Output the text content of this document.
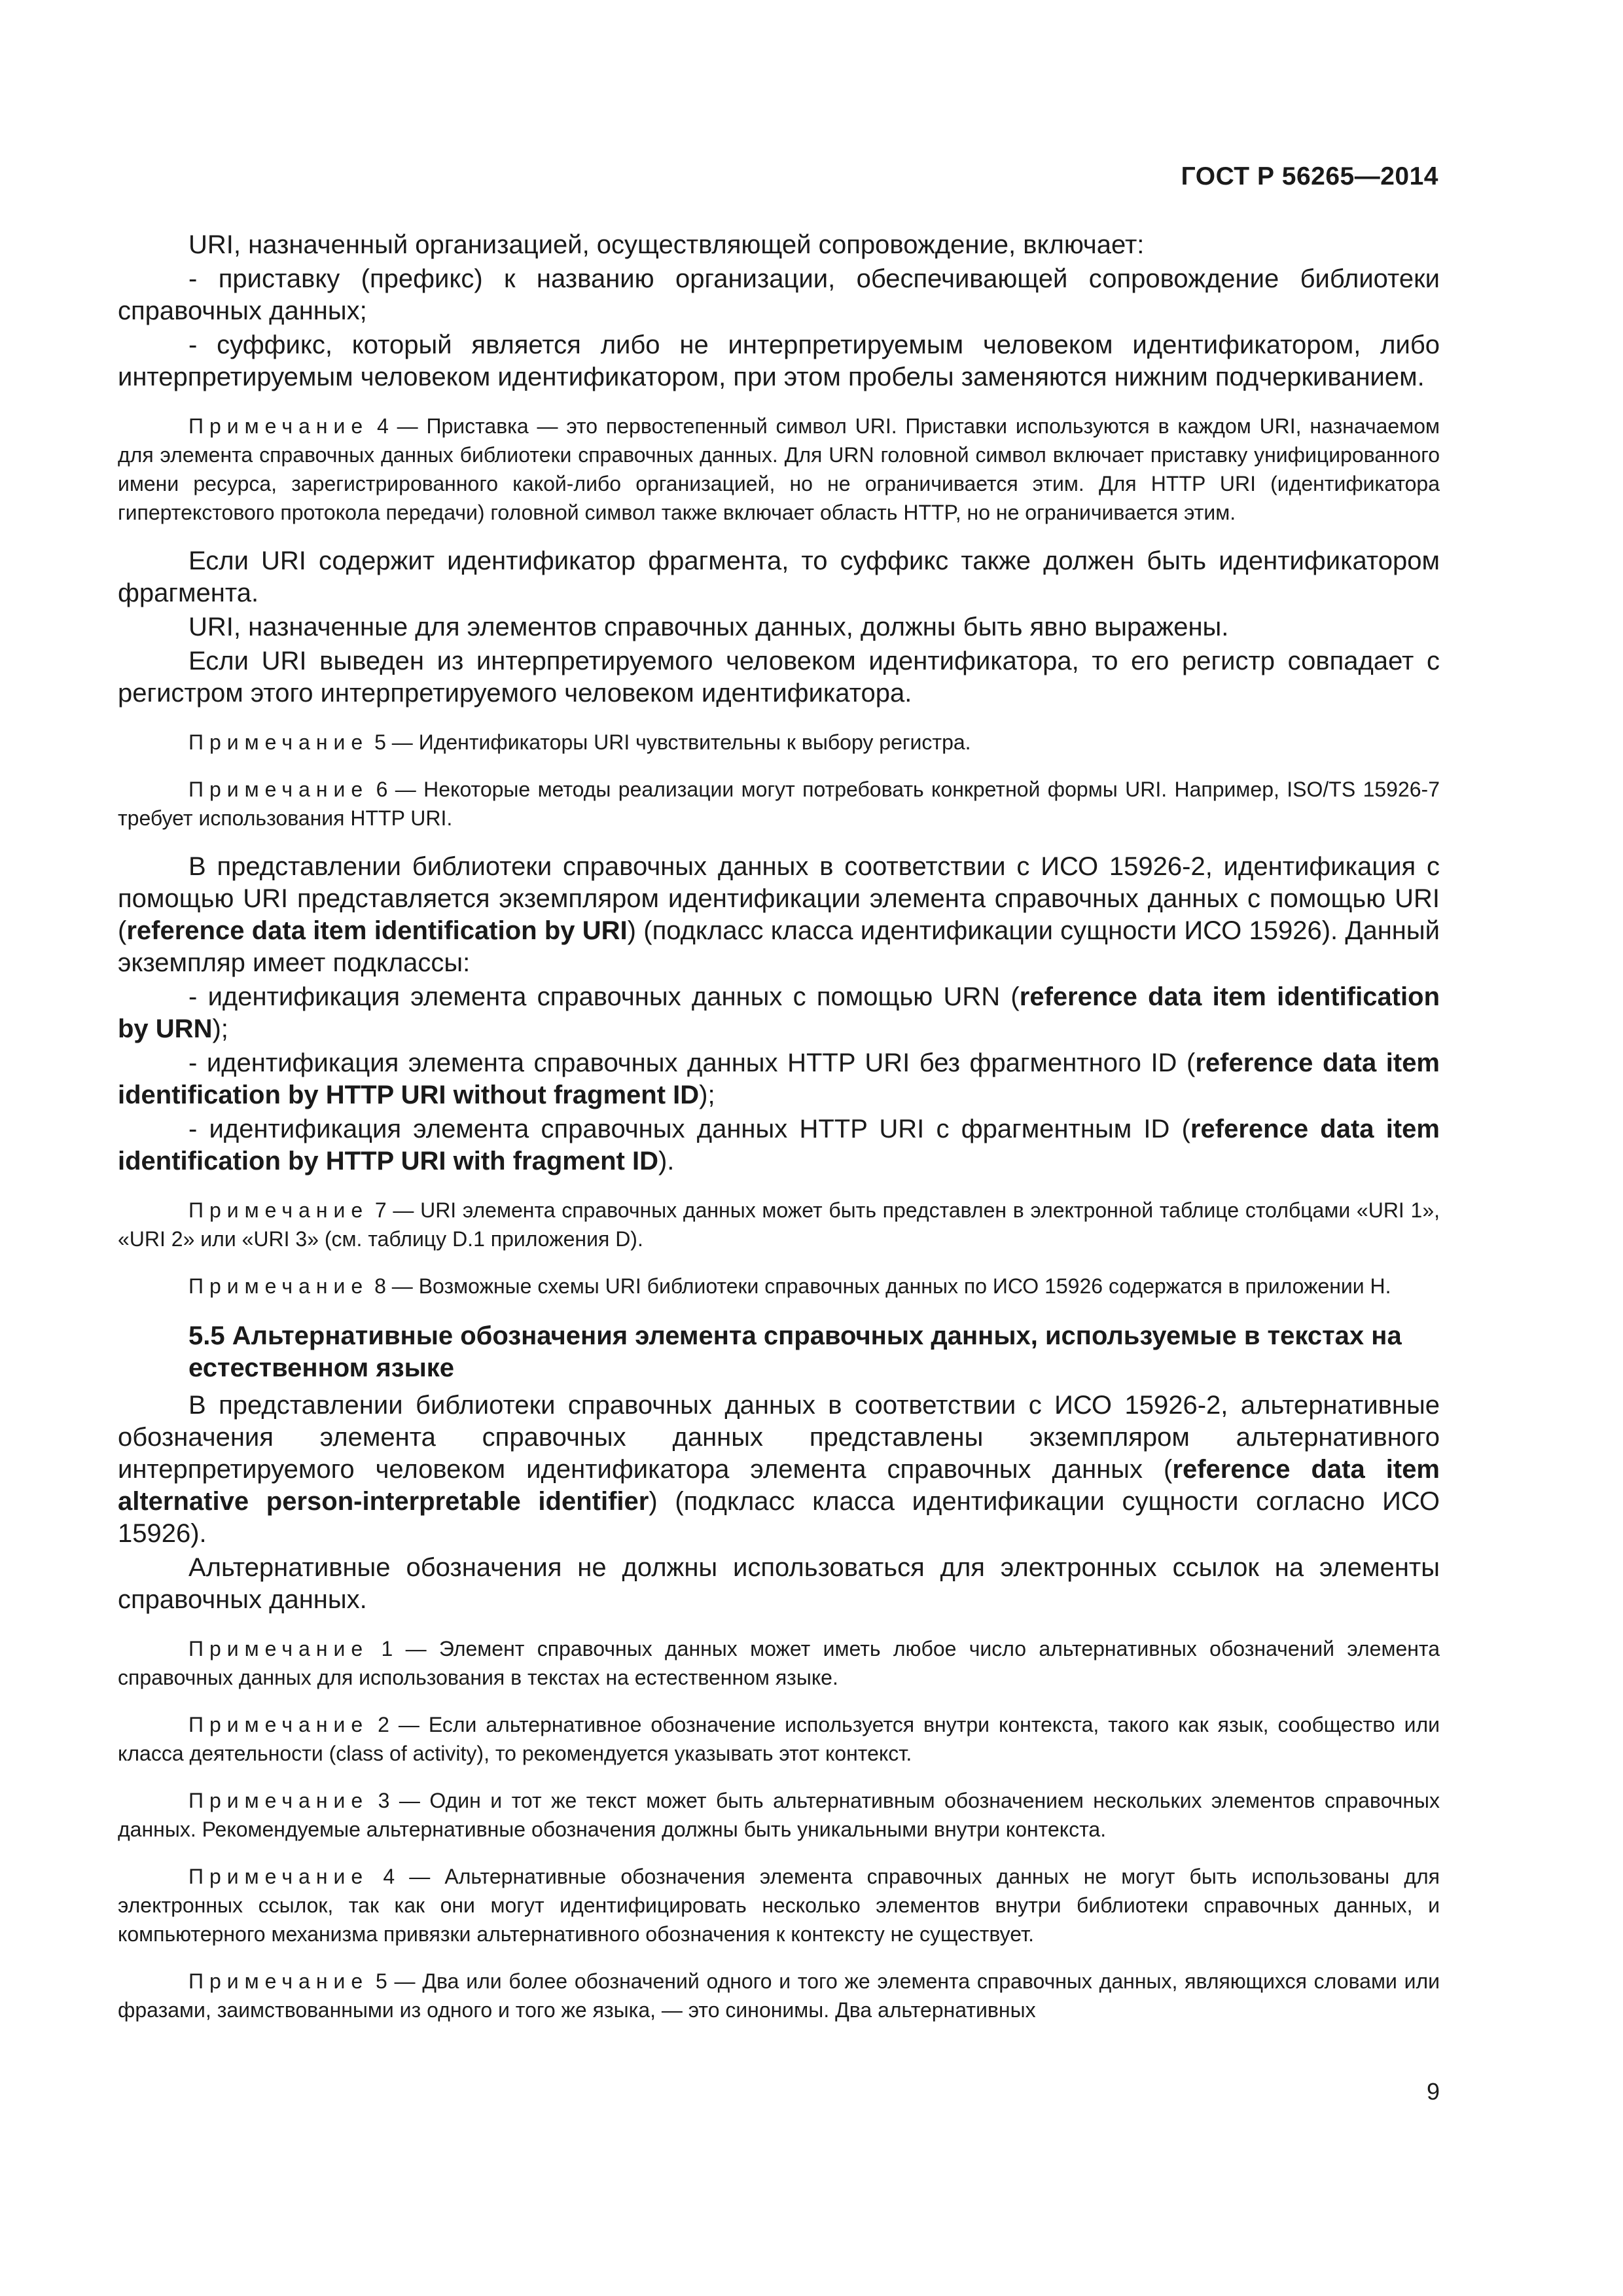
ГОСТ Р 56265—2014

URI, назначенный организацией, осуществляющей сопровождение, включает:

- приставку (префикс) к названию организации, обеспечивающей сопровождение библиотеки справочных данных;

- суффикс, который является либо не интерпретируемым человеком идентификатором, либо интерпретируемым человеком идентификатором, при этом пробелы заменяются нижним подчеркиванием.

Примечание 4 — Приставка — это первостепенный символ URI. Приставки используются в каждом URI, назначаемом для элемента справочных данных библиотеки справочных данных. Для URN головной символ включает приставку унифицированного имени ресурса, зарегистрированного какой-либо организацией, но не ограничивается этим. Для HTTP URI (идентификатора гипертекстового протокола передачи) головной символ также включает область HTTP, но не ограничивается этим.

Если URI содержит идентификатор фрагмента, то суффикс также должен быть идентификатором фрагмента.

URI, назначенные для элементов справочных данных, должны быть явно выражены.

Если URI выведен из интерпретируемого человеком идентификатора, то его регистр совпадает с регистром этого интерпретируемого человеком идентификатора.

Примечание 5 — Идентификаторы URI чувствительны к выбору регистра.

Примечание 6 — Некоторые методы реализации могут потребовать конкретной формы URI. Например, ISO/TS 15926-7 требует использования HTTP URI.

В представлении библиотеки справочных данных в соответствии с ИСО 15926-2, идентификация с помощью URI представляется экземпляром идентификации элемента справочных данных с помощью URI (reference data item identification by URI) (подкласс класса идентификации сущности ИСО 15926). Данный экземпляр имеет подклассы:

- идентификация элемента справочных данных с помощью URN (reference data item identification by URN);

- идентификация элемента справочных данных HTTP URI без фрагментного ID (reference data item identification by HTTP URI without fragment ID);

- идентификация элемента справочных данных HTTP URI с фрагментным ID (reference data item identification by HTTP URI with fragment ID).

Примечание 7 — URI элемента справочных данных может быть представлен в электронной таблице столбцами «URI 1», «URI 2» или «URI 3» (см. таблицу D.1 приложения D).

Примечание 8 — Возможные схемы URI библиотеки справочных данных по ИСО 15926 содержатся в приложении H.

5.5 Альтернативные обозначения элемента справочных данных, используемые в текстах на естественном языке

В представлении библиотеки справочных данных в соответствии с ИСО 15926-2, альтернативные обозначения элемента справочных данных представлены экземпляром альтернативного интерпретируемого человеком идентификатора элемента справочных данных (reference data item alternative person-interpretable identifier) (подкласс класса идентификации сущности согласно ИСО 15926).

Альтернативные обозначения не должны использоваться для электронных ссылок на элементы справочных данных.

Примечание 1 — Элемент справочных данных может иметь любое число альтернативных обозначений элемента справочных данных для использования в текстах на естественном языке.

Примечание 2 — Если альтернативное обозначение используется внутри контекста, такого как язык, сообщество или класса деятельности (class of activity), то рекомендуется указывать этот контекст.

Примечание 3 — Один и тот же текст может быть альтернативным обозначением нескольких элементов справочных данных. Рекомендуемые альтернативные обозначения должны быть уникальными внутри контекста.

Примечание 4 — Альтернативные обозначения элемента справочных данных не могут быть использованы для электронных ссылок, так как они могут идентифицировать несколько элементов внутри библиотеки справочных данных, и компьютерного механизма привязки альтернативного обозначения к контексту не существует.

Примечание 5 — Два или более обозначений одного и того же элемента справочных данных, являющихся словами или фразами, заимствованными из одного и того же языка, — это синонимы. Два альтернативных

9
